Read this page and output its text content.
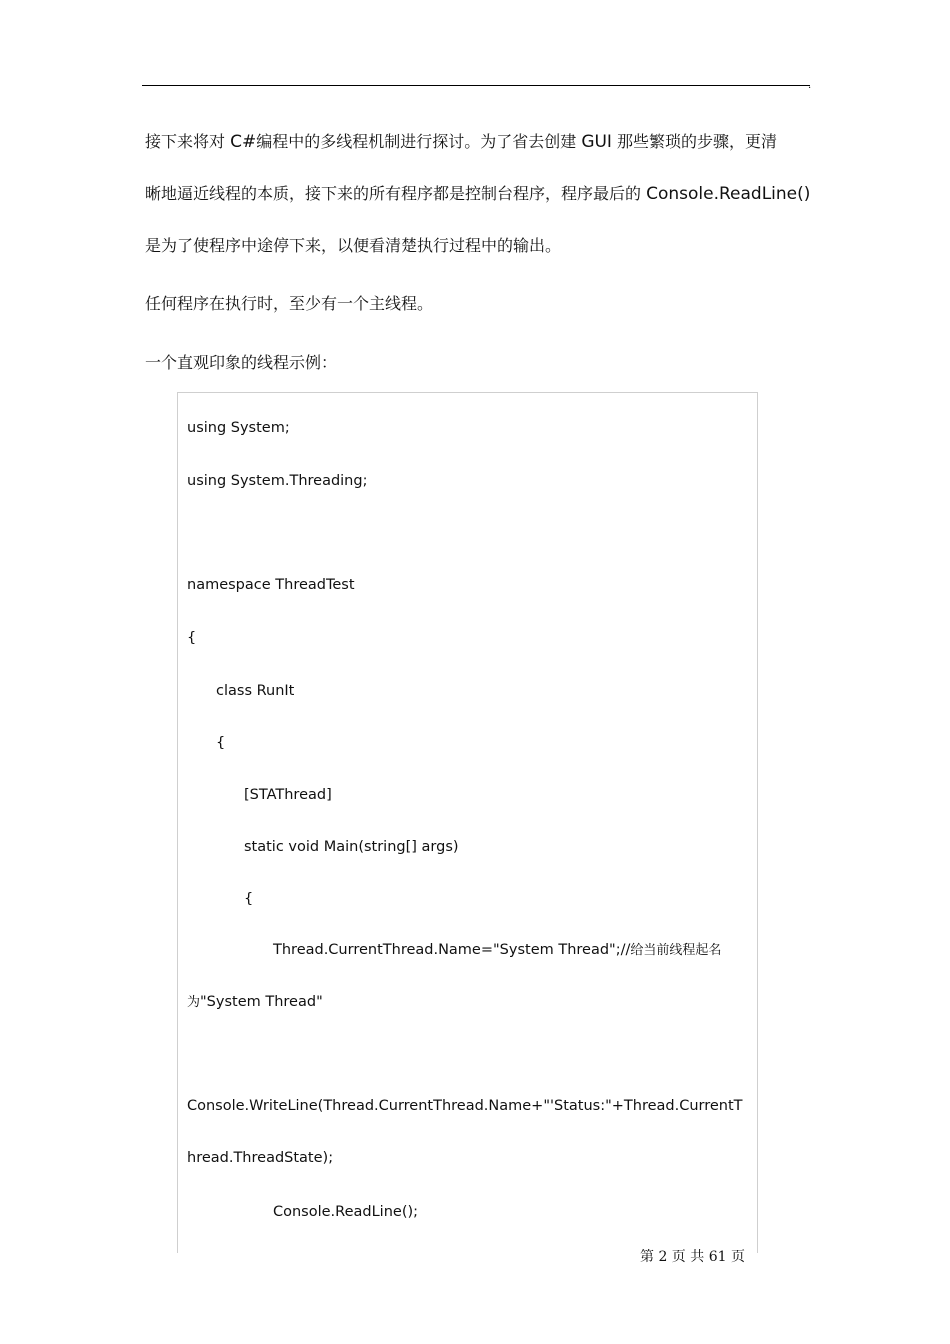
.
接下来将对 C#编程中的多线程机制进行探讨。为了省去创建 GUI 那些繁琐的步骤，更清
晰地逼近线程的本质，接下来的所有程序都是控制台程序，程序最后的 Console.ReadLine()
是为了使程序中途停下来，以便看清楚执行过程中的输出。
任何程序在执行时，至少有一个主线程。
一个直观印象的线程示例：
using System;
using System.Threading;
namespace ThreadTest
{
class RunIt
{
[STAThread]
static void Main(string[] args)
{
Thread.CurrentThread.Name="System Thread";//给当前线程起名
为"System Thread"
Console.WriteLine(Thread.CurrentThread.Name+"'Status:"+Thread.CurrentT
hread.ThreadState);
Console.ReadLine();
第 2 页 共 61 页
